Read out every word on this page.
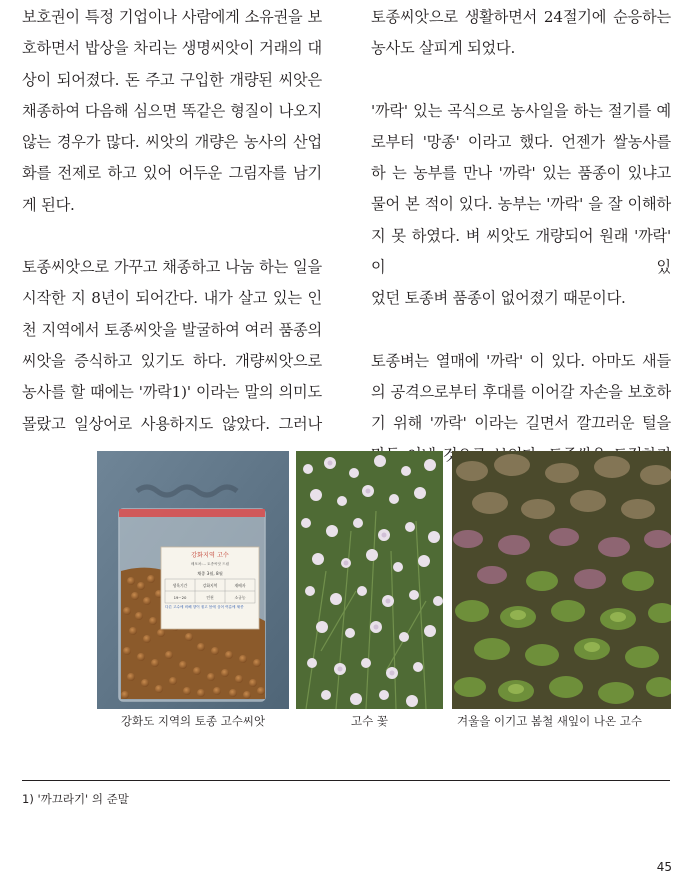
보호권이 특정 기업이나 사람에게 소유권을 보 호하면서 밥상을 차리는 생명씨앗이 거래의 대 상이 되어졌다. 돈 주고 구입한 개량된 씨앗은 채종하여 다음해 심으면 똑같은 형질이 나오지 않는 경우가 많다. 씨앗의 개량은 농사의 산업 화를 전제로 하고 있어 어두운 그림자를 남기
게 된다.

토종씨앗으로 가꾸고 채종하고 나눔 하는 일을 시작한 지 8년이 되어간다. 내가 살고 있는 인 천 지역에서 토종씨앗을 발굴하여 여러 품종의 씨앗을 증식하고 있기도 하다. 개량씨앗으로 농사를 할 때에는 '까락1)' 이라는 말의 의미도 몰랐고 일상어로 사용하지도 않았다. 그러나

토종씨앗으로 생활하면서 24절기에 순응하는
농사도 살피게 되었다.

'까락' 있는 곡식으로 농사일을 하는 절기를 예 로부터 '망종' 이라고 했다. 언젠가 쌀농사를 하 는 농부를 만나 '까락' 있는 품종이 있냐고 물어 본 적이 있다. 농부는 '까락' 을 잘 이해하지 못 하였다. 벼 씨앗도 개량되어 원래 '까락' 이 있
었던 토종벼 품종이 없어졌기 때문이다.

토종벼는 열매에 '까락' 이 있다. 아마도 새들의 공격으로부터 후대를 이어갈 자손을 보호하기 위해 '까락' 이라는 길면서 깔끄러운 털을

강화지역 고수
배포처:... 토종씨앗 드림
채종 3월, 8월
생육기간	강화지역	재배자
19~20	인천	소규농
다른 고수에 비해 향이 짙고 봄에 심어 여름에 채종
강화도 지역의 토종 고수씨앗	고수 꽃	겨울을 이기고 봄철 새잎이 나온 고수
1) '까끄라기' 의 준말
45
